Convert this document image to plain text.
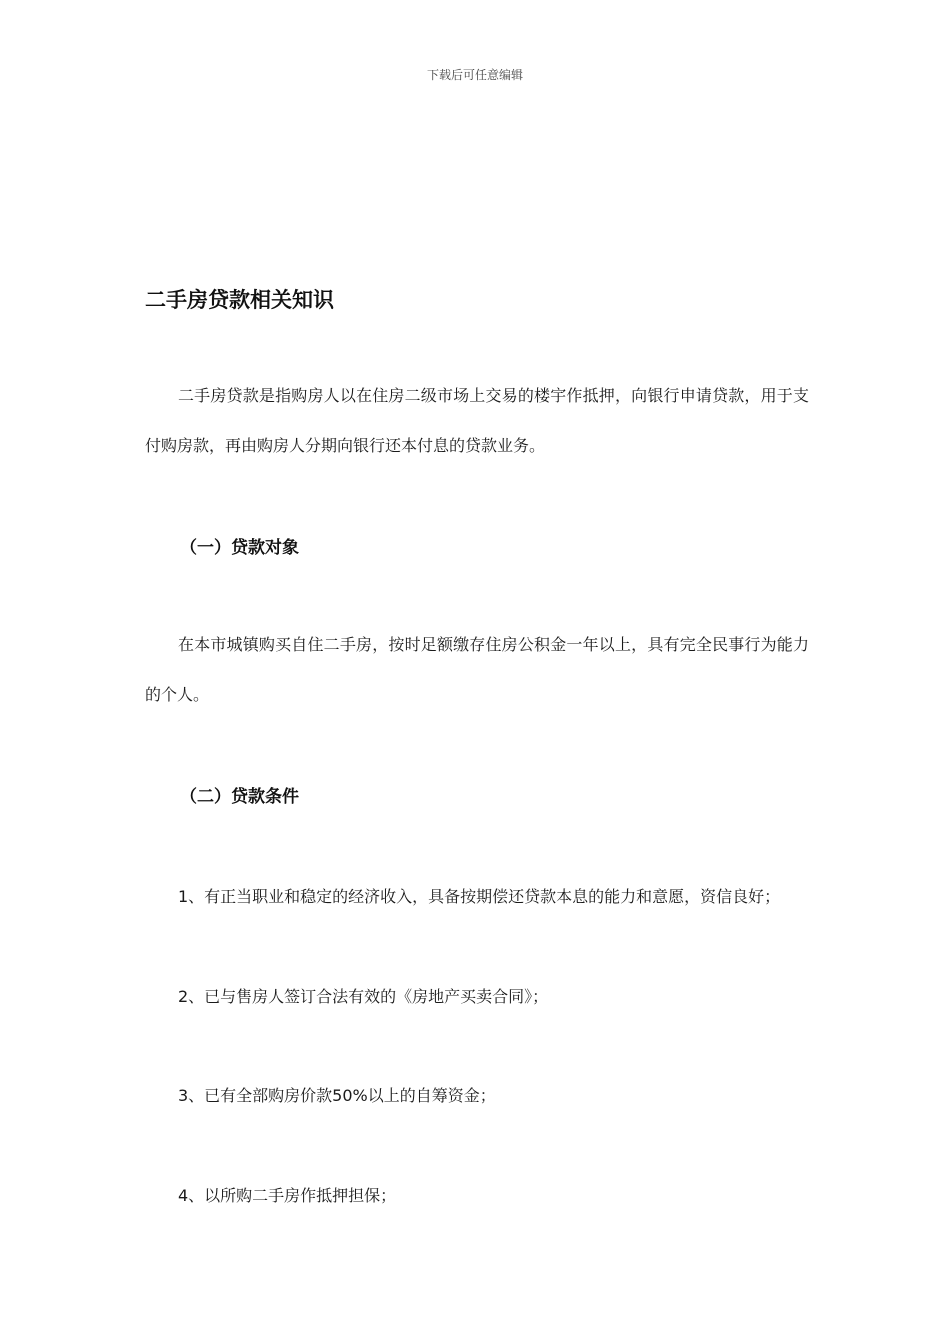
下载后可任意编辑
二手房贷款相关知识

二手房贷款是指购房人以在住房二级市场上交易的楼宇作抵押，向银行申请贷款，用于支付购房款，再由购房人分期向银行还本付息的贷款业务。

（一）贷款对象

在本市城镇购买自住二手房，按时足额缴存住房公积金一年以上，具有完全民事行为能力的个人。

（二）贷款条件

1、有正当职业和稳定的经济收入，具备按期偿还贷款本息的能力和意愿，资信良好；

2、已与售房人签订合法有效的《房地产买卖合同》；

3、已有全部购房价款50%以上的自筹资金；

4、以所购二手房作抵押担保；
